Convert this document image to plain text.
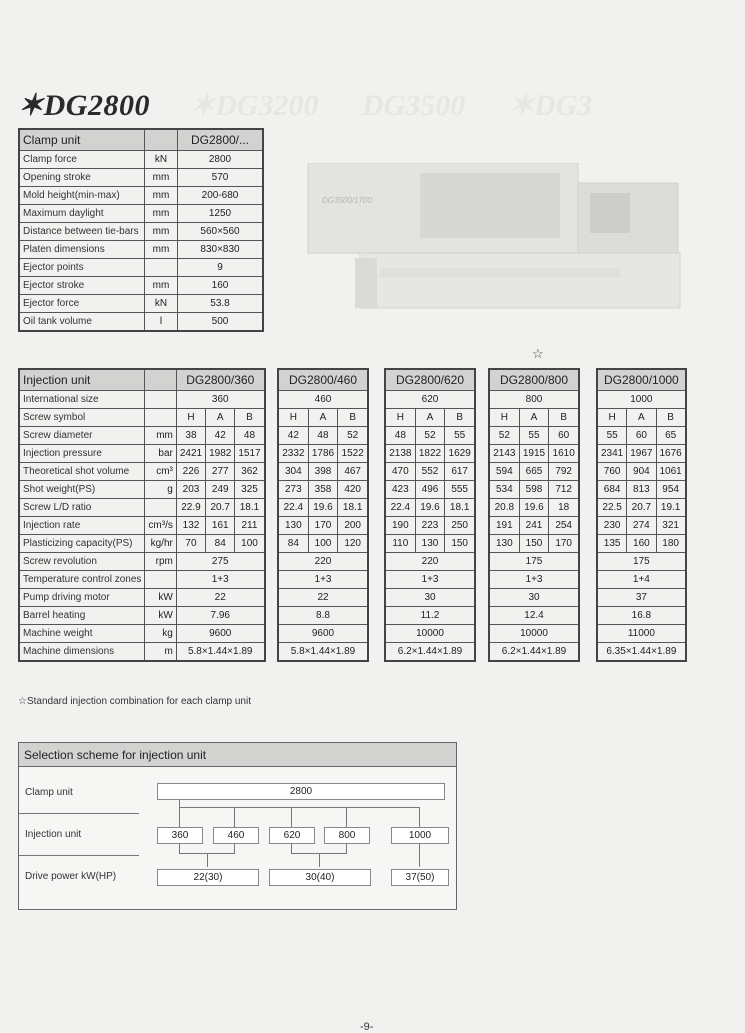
✶DG3200 DG3500 ✶DG3
✶DG2800
Clamp unit		DG2800/...
Clamp force	kN	2800
Opening stroke	mm	570
Mold height(min-max)	mm	200-680
Maximum daylight	mm	1250
Distance between tie-bars	mm	560×560
Platen dimensions	mm	830×830
Ejector points		9
Ejector stroke	mm	160
Ejector force	kN	53.8
Oil tank volume	l	500
DG3500/1700
☆
Injection unit		DG2800/360		
International size		360		
Screw symbol		H	A	B
Screw diameter	mm	38	42	48
Injection pressure	bar	2421	1982	1517
Theoretical shot volume	cm³	226	277	362
Shot weight(PS)	g	203	249	325
Screw L/D ratio		22.9	20.7	18.1
Injection rate	cm³/s	132	161	211
Plasticizing capacity(PS)	kg/hr	70	84	100
Screw revolution	rpm	275		
Temperature control zones		1+3		
Pump driving motor	kW	22		
Barrel heating	kW	7.96		
Machine weight	kg	9600		
Machine dimensions	m	5.8×1.44×1.89		
DG2800/460		
460		
H	A	B
42	48	52
2332	1786	1522
304	398	467
273	358	420
22.4	19.6	18.1
130	170	200
84	100	120
220		
1+3		
22		
8.8		
9600		
5.8×1.44×1.89		
DG2800/620		
620		
H	A	B
48	52	55
2138	1822	1629
470	552	617
423	496	555
22.4	19.6	18.1
190	223	250
110	130	150
220		
1+3		
30		
11.2		
10000		
6.2×1.44×1.89		
DG2800/800		
800		
H	A	B
52	55	60
2143	1915	1610
594	665	792
534	598	712
20.8	19.6	18
191	241	254
130	150	170
175		
1+3		
30		
12.4		
10000		
6.2×1.44×1.89		
DG2800/1000		
1000		
H	A	B
55	60	65
2341	1967	1676
760	904	1061
684	813	954
22.5	20.7	19.1
230	274	321
135	160	180
175		
1+4		
37		
16.8		
11000		
6.35×1.44×1.89		
☆Standard injection combination for each clamp unit
Selection scheme for injection unit
Clamp unit
Injection unit
Drive power kW(HP)
2800
360	460	620	800	1000
22(30)	30(40)	37(50)
-9-
